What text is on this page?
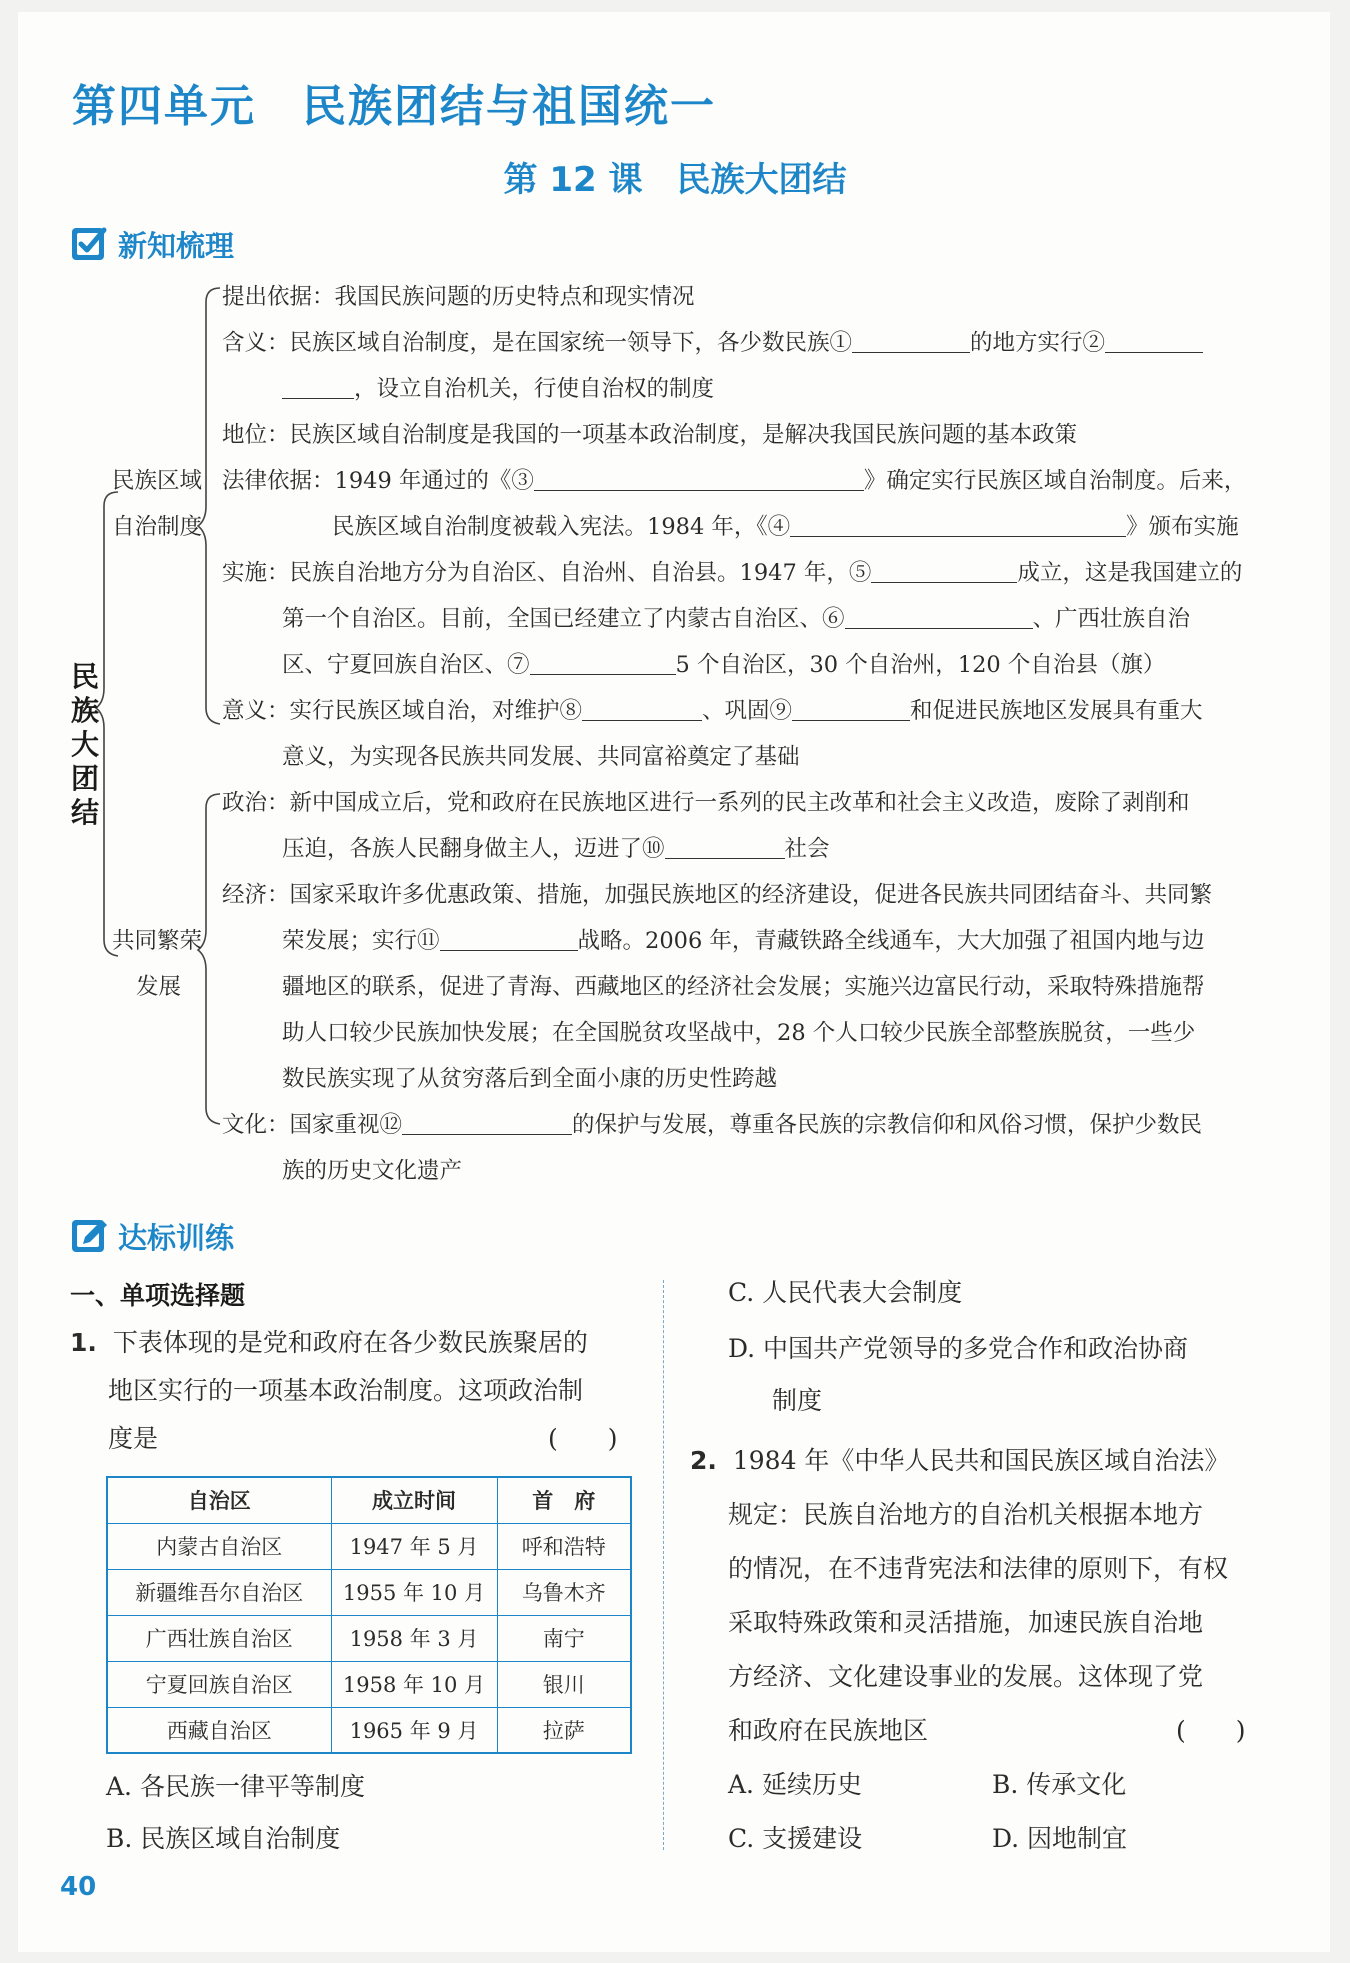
第四单元　民族团结与祖国统一
第 12 课　民族大团结
新知梳理
民族大团结
民族区域
自治制度
共同繁荣
发展
提出依据：我国民族问题的历史特点和现实情况
含义：民族区域自治制度，是在国家统一领导下，各少数民族①	的地方实行②
，设立自治机关，行使自治权的制度
地位：民族区域自治制度是我国的一项基本政治制度，是解决我国民族问题的基本政策
法律依据：1949 年通过的《③	》确定实行民族区域自治制度。后来，
民族区域自治制度被载入宪法。1984 年，《④	》颁布实施
实施：民族自治地方分为自治区、自治州、自治县。1947 年，⑤	成立，这是我国建立的
第一个自治区。目前，全国已经建立了内蒙古自治区、⑥	、广西壮族自治
区、宁夏回族自治区、⑦	5 个自治区，30 个自治州，120 个自治县（旗）
意义：实行民族区域自治，对维护⑧	、巩固⑨	和促进民族地区发展具有重大
意义，为实现各民族共同发展、共同富裕奠定了基础
政治：新中国成立后，党和政府在民族地区进行一系列的民主改革和社会主义改造，废除了剥削和
压迫，各族人民翻身做主人，迈进了⑩	社会
经济：国家采取许多优惠政策、措施，加强民族地区的经济建设，促进各民族共同团结奋斗、共同繁
荣发展；实行⑪	战略。2006 年，青藏铁路全线通车，大大加强了祖国内地与边
疆地区的联系，促进了青海、西藏地区的经济社会发展；实施兴边富民行动，采取特殊措施帮
助人口较少民族加快发展；在全国脱贫攻坚战中，28 个人口较少民族全部整族脱贫，一些少
数民族实现了从贫穷落后到全面小康的历史性跨越
文化：国家重视⑫	的保护与发展，尊重各民族的宗教信仰和风俗习惯，保护少数民
族的历史文化遗产
达标训练
一、单项选择题
1. 下表体现的是党和政府在各少数民族聚居的
地区实行的一项基本政治制度。这项政治制
度是	(　　)
自治区	成立时间	首　府
内蒙古自治区	1947 年 5 月	呼和浩特
新疆维吾尔自治区	1955 年 10 月	乌鲁木齐
广西壮族自治区	1958 年 3 月	南宁
宁夏回族自治区	1958 年 10 月	银川
西藏自治区	1965 年 9 月	拉萨
A. 各民族一律平等制度
B. 民族区域自治制度
C. 人民代表大会制度
D. 中国共产党领导的多党合作和政治协商
制度
2. 1984 年《中华人民共和国民族区域自治法》
规定：民族自治地方的自治机关根据本地方
的情况，在不违背宪法和法律的原则下，有权
采取特殊政策和灵活措施，加速民族自治地
方经济、文化建设事业的发展。这体现了党
和政府在民族地区	(　　)
A. 延续历史	B. 传承文化
C. 支援建设	D. 因地制宜
40
